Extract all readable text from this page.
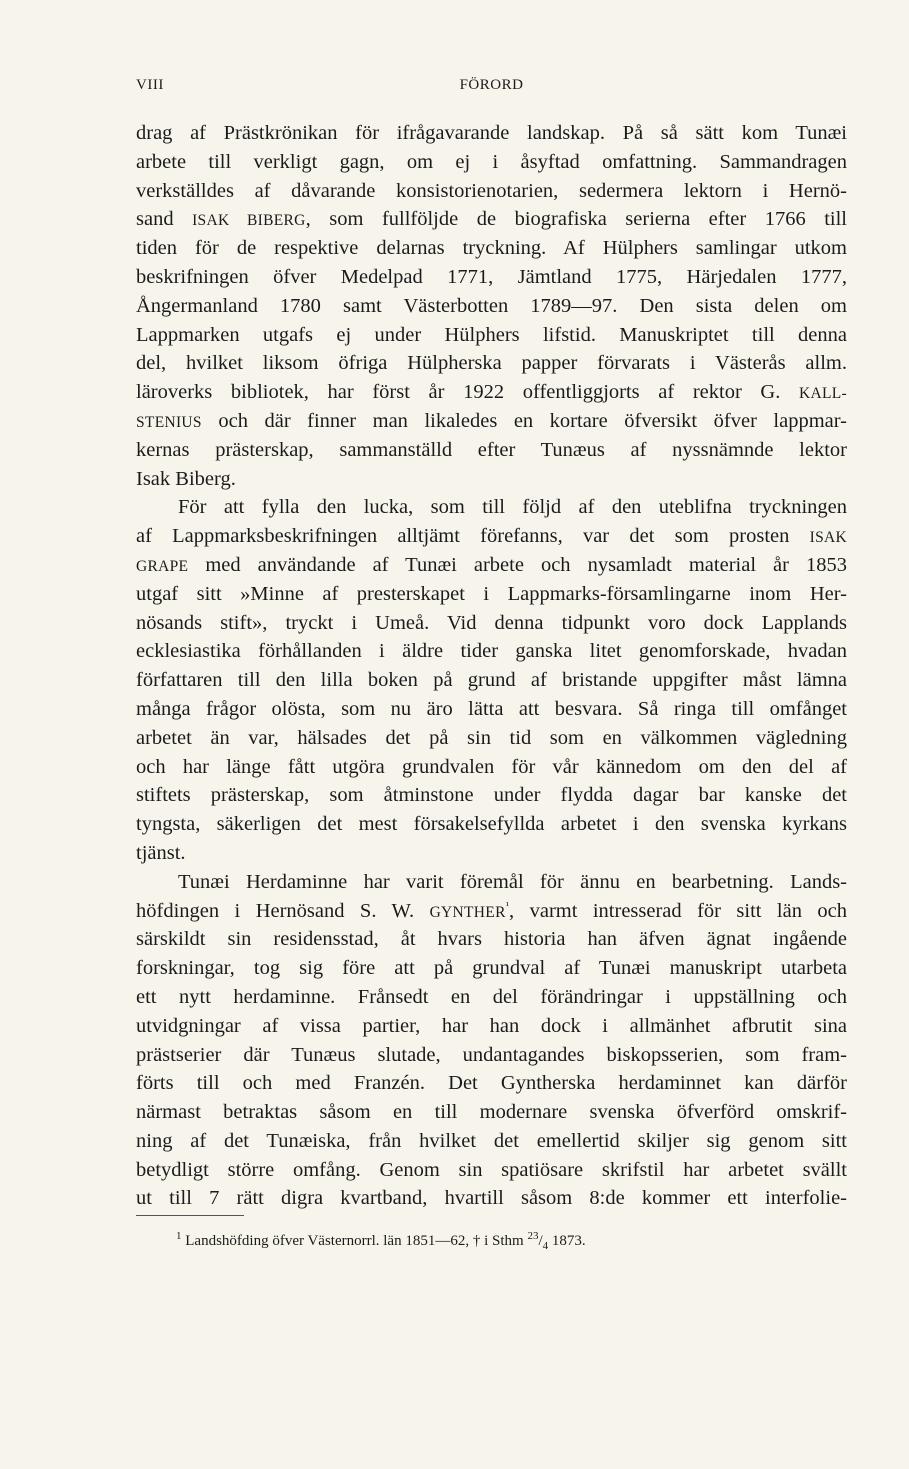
VIII	FÖRORD
drag af Prästkrönikan för ifrågavarande landskap. På så sätt kom Tunæi
arbete till verkligt gagn, om ej i åsyftad omfattning. Sammandragen
verkställdes af dåvarande konsistorienotarien, sedermera lektorn i Hernö-
sand ISAK BIBERG, som fullföljde de biografiska serierna efter 1766 till
tiden för de respektive delarnas tryckning. Af Hülphers samlingar utkom
beskrifningen öfver Medelpad 1771, Jämtland 1775, Härjedalen 1777,
Ångermanland 1780 samt Västerbotten 1789—97. Den sista delen om
Lappmarken utgafs ej under Hülphers lifstid. Manuskriptet till denna
del, hvilket liksom öfriga Hülpherska papper förvarats i Västerås allm.
läroverks bibliotek, har först år 1922 offentliggjorts af rektor G. KALL-
STENIUS och där finner man likaledes en kortare öfversikt öfver lappmar-
kernas prästerskap, sammanställd efter Tunæus af nyssnämnde lektor
Isak Biberg.
För att fylla den lucka, som till följd af den uteblifna tryckningen
af Lappmarksbeskrifningen alltjämt förefanns, var det som prosten ISAK
GRAPE med användande af Tunæi arbete och nysamladt material år 1853
utgaf sitt »Minne af presterskapet i Lappmarks-församlingarne inom Her-
nösands stift», tryckt i Umeå. Vid denna tidpunkt voro dock Lapplands
ecklesiastika förhållanden i äldre tider ganska litet genomforskade, hvadan
författaren till den lilla boken på grund af bristande uppgifter måst lämna
många frågor olösta, som nu äro lätta att besvara. Så ringa till omfånget
arbetet än var, hälsades det på sin tid som en välkommen vägledning
och har länge fått utgöra grundvalen för vår kännedom om den del af
stiftets prästerskap, som åtminstone under flydda dagar bar kanske det
tyngsta, säkerligen det mest försakelsefyllda arbetet i den svenska kyrkans
tjänst.
Tunæi Herdaminne har varit föremål för ännu en bearbetning. Lands-
höfdingen i Hernösand S. W. $GYNTHER^{^1}$, varmt intresserad för sitt län och
särskildt sin residensstad, åt hvars historia han äfven ägnat ingående
forskningar, tog sig före att på grundval af Tunæi manuskript utarbeta
ett nytt herdaminne. Frånsedt en del förändringar i uppställning och
utvidgningar af vissa partier, har han dock i allmänhet afbrutit sina
prästserier där Tunæus slutade, undantagandes biskopsserien, som fram-
förts till och med Franzén. Det Gyntherska herdaminnet kan därför
närmast betraktas såsom en till modernare svenska öfverförd omskrif-
ning af det Tunæiska, från hvilket det emellertid skiljer sig genom sitt
betydligt större omfång. Genom sin spatiösare skrifstil har arbetet svällt
ut till 7 rätt digra kvartband, hvartill såsom 8:de kommer ett interfolie-
$^1$ Landshöfding öfver Västernorrl. län 1851—62, † i Sthm $^{23}/_4$ 1873.
